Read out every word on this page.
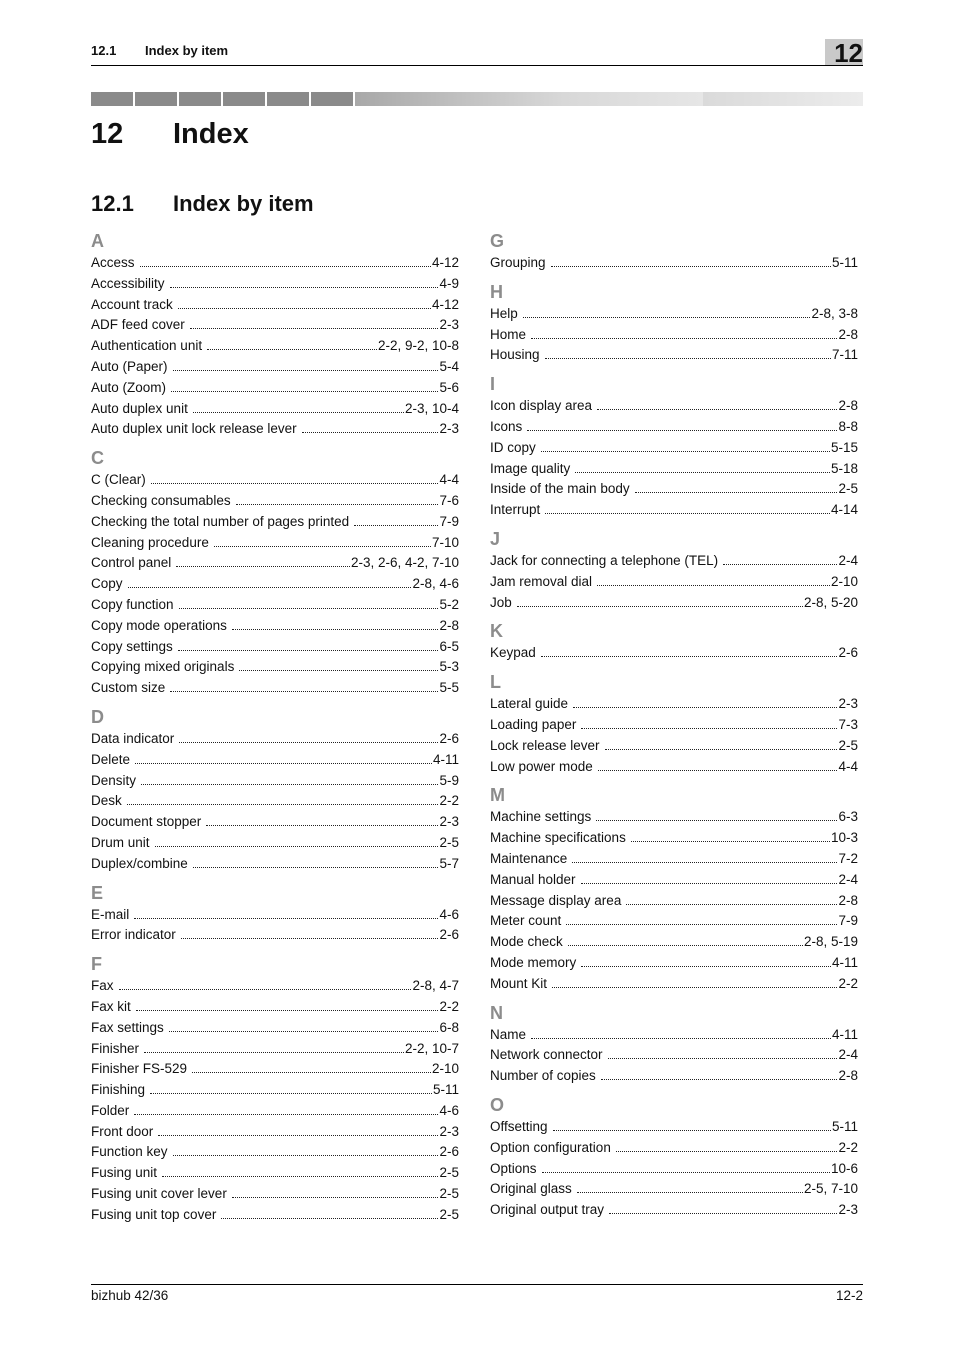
12.1 Index by item	12
12 Index
12.1 Index by item
A
Access	4-12
Accessibility	4-9
Account track	4-12
ADF feed cover	2-3
Authentication unit	2-2, 9-2, 10-8
Auto (Paper)	5-4
Auto (Zoom)	5-6
Auto duplex unit	2-3, 10-4
Auto duplex unit lock release lever	2-3
C
C (Clear)	4-4
Checking consumables	7-6
Checking the total number of pages printed	7-9
Cleaning procedure	7-10
Control panel	2-3, 2-6, 4-2, 7-10
Copy	2-8, 4-6
Copy function	5-2
Copy mode operations	2-8
Copy settings	6-5
Copying mixed originals	5-3
Custom size	5-5
D
Data indicator	2-6
Delete	4-11
Density	5-9
Desk	2-2
Document stopper	2-3
Drum unit	2-5
Duplex/combine	5-7
E
E-mail	4-6
Error indicator	2-6
F
Fax	2-8, 4-7
Fax kit	2-2
Fax settings	6-8
Finisher	2-2, 10-7
Finisher FS-529	2-10
Finishing	5-11
Folder	4-6
Front door	2-3
Function key	2-6
Fusing unit	2-5
Fusing unit cover lever	2-5
Fusing unit top cover	2-5
G
Grouping	5-11
H
Help	2-8, 3-8
Home	2-8
Housing	7-11
I
Icon display area	2-8
Icons	8-8
ID copy	5-15
Image quality	5-18
Inside of the main body	2-5
Interrupt	4-14
J
Jack for connecting a telephone (TEL)	2-4
Jam removal dial	2-10
Job	2-8, 5-20
K
Keypad	2-6
L
Lateral guide	2-3
Loading paper	7-3
Lock release lever	2-5
Low power mode	4-4
M
Machine settings	6-3
Machine specifications	10-3
Maintenance	7-2
Manual holder	2-4
Message display area	2-8
Meter count	7-9
Mode check	2-8, 5-19
Mode memory	4-11
Mount Kit	2-2
N
Name	4-11
Network connector	2-4
Number of copies	2-8
O
Offsetting	5-11
Option configuration	2-2
Options	10-6
Original glass	2-5, 7-10
Original output tray	2-3
bizhub 42/36	12-2
